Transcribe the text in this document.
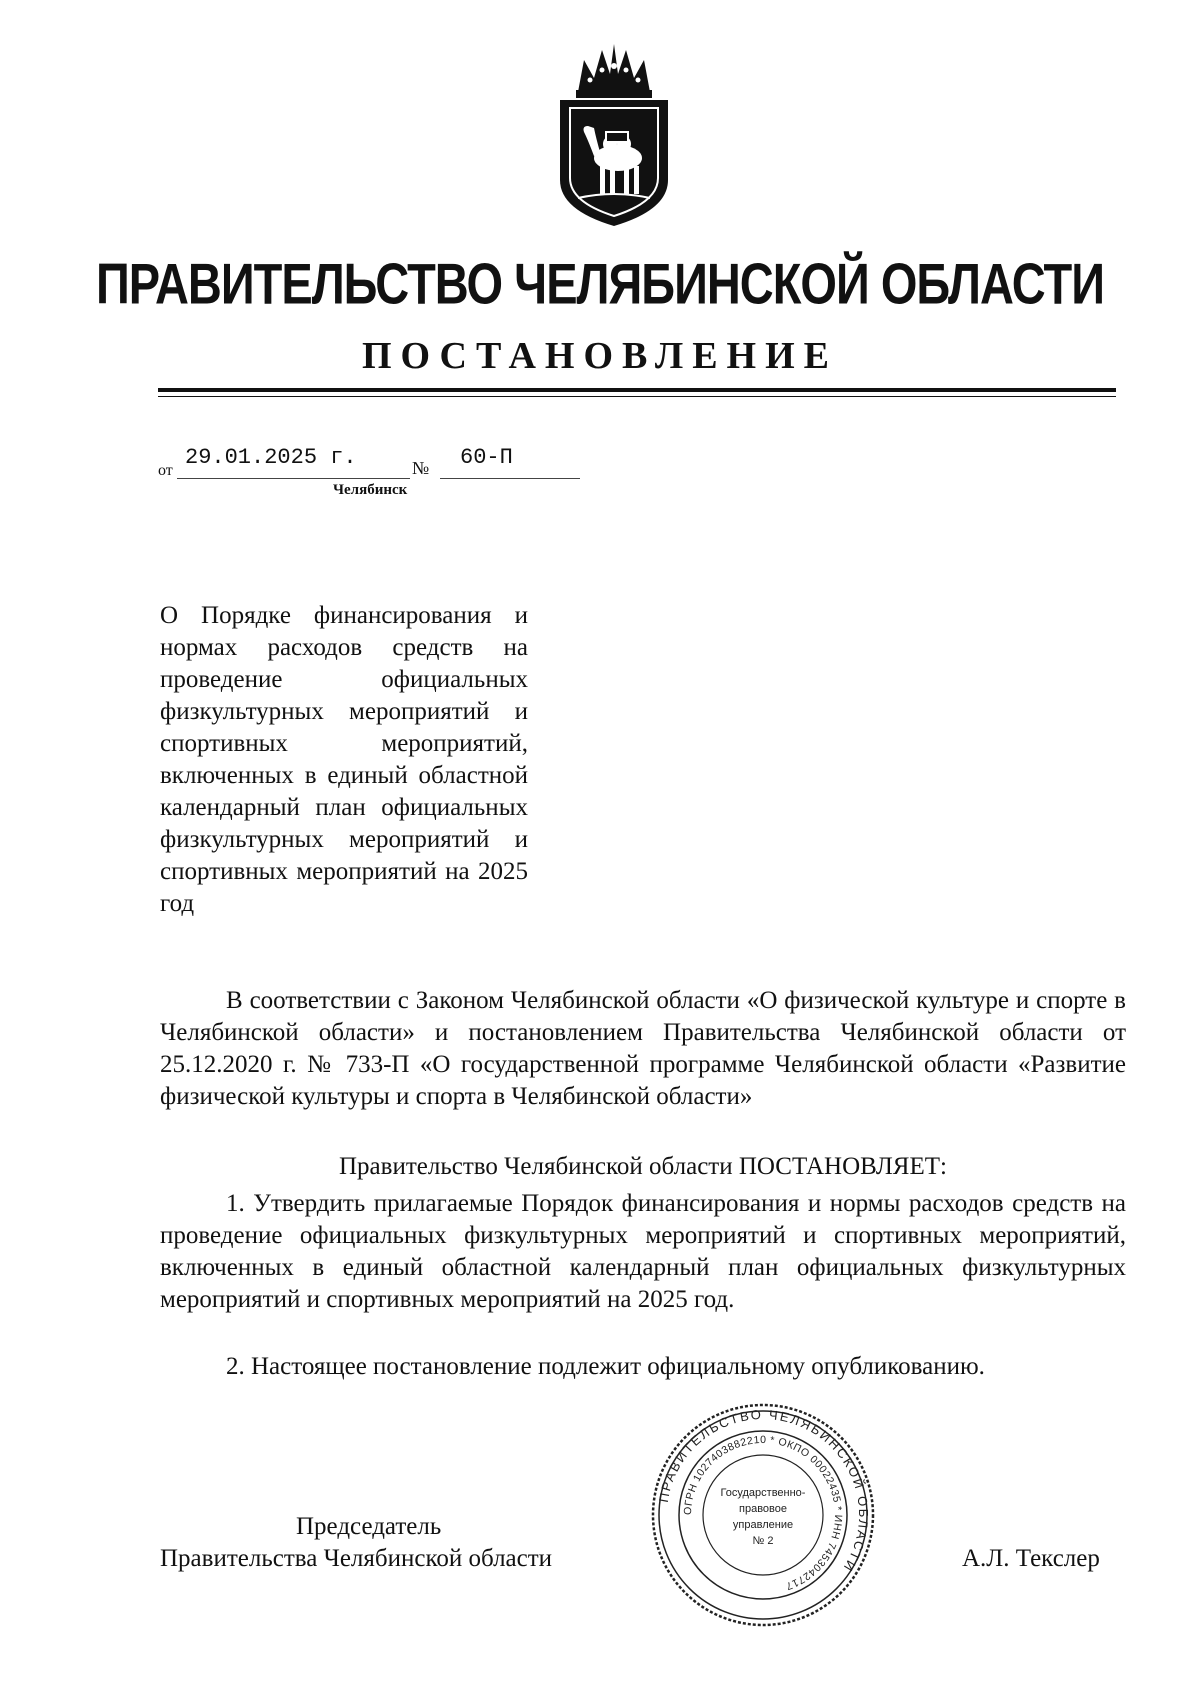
ПРАВИТЕЛЬСТВО ЧЕЛЯБИНСКОЙ ОБЛАСТИ
ПОСТАНОВЛЕНИЕ
от
29.01.2025 г.	№ 60-П
Челябинск
О Порядке финансирования и нормах расходов средств на проведение официальных физкультурных мероприятий и спортивных мероприятий, включенных в единый областной календарный план официальных физкультурных мероприятий и спортивных мероприятий на 2025 год
В соответствии с Законом Челябинской области «О физической культуре и спорте в Челябинской области» и постановлением Правительства Челябинской области от 25.12.2020 г. № 733-П «О государственной программе Челябинской области «Развитие физической культуры и спорта в Челябинской области»
Правительство Челябинской области ПОСТАНОВЛЯЕТ:
1. Утвердить прилагаемые Порядок финансирования и нормы расходов средств на проведение официальных физкультурных мероприятий и спортивных мероприятий, включенных в единый областной календарный план официальных физкультурных мероприятий и спортивных мероприятий на 2025 год.
2. Настоящее постановление подлежит официальному опубликованию.
Председатель
Правительства Челябинской области	А.Л. Текслер
ПРАВИТЕЛЬСТВО ЧЕЛЯБИНСКОЙ ОБЛАСТИ
ОГРН 1027403882210 * ОКПО 00022435 * ИНН 7453042717
Государственно-
правовое
управление
№ 2
